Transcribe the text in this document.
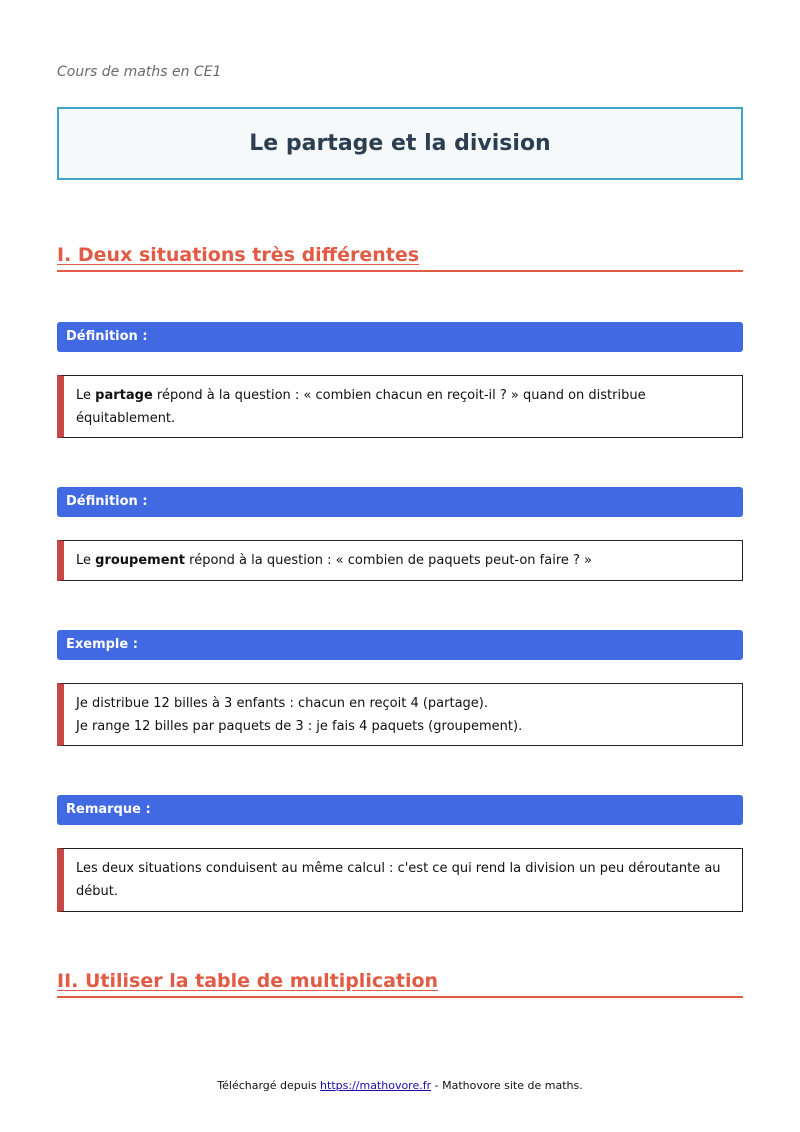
Cours de maths en CE1
Le partage et la division
I. Deux situations très différentes
Définition :
Le partage répond à la question : « combien chacun en reçoit-il ? » quand on distribue équitablement.
Définition :
Le groupement répond à la question : « combien de paquets peut-on faire ? »
Exemple :
Je distribue 12 billes à 3 enfants : chacun en reçoit 4 (partage).
Je range 12 billes par paquets de 3 : je fais 4 paquets (groupement).
Remarque :
Les deux situations conduisent au même calcul : c'est ce qui rend la division un peu déroutante au début.
II. Utiliser la table de multiplication
Téléchargé depuis https://mathovore.fr - Mathovore site de maths.
